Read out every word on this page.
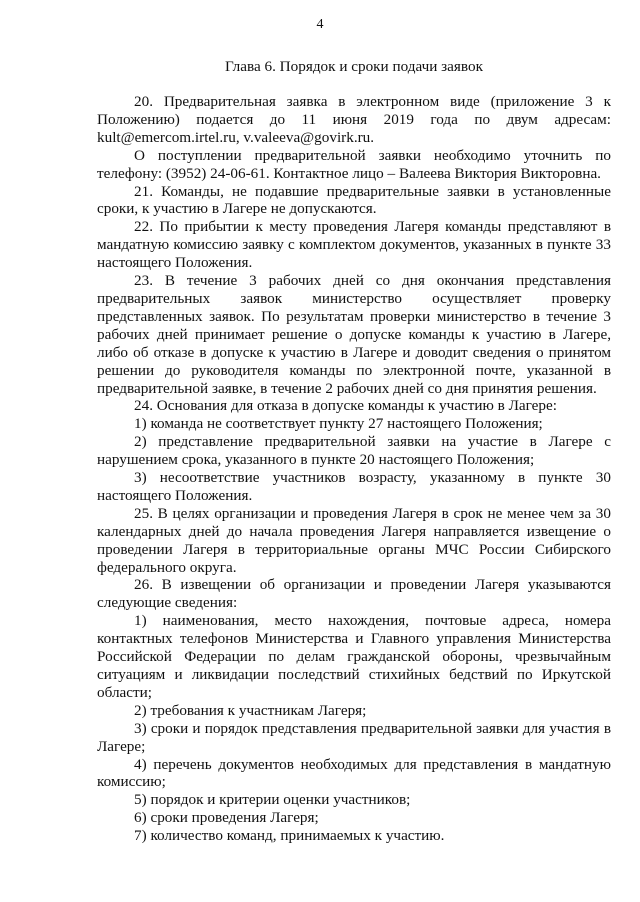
4
Глава 6. Порядок и сроки подачи заявок

20. Предварительная заявка в электронном виде (приложение 3 к Положению) подается до 11 июня 2019 года по двум адресам: kult@emercom.irtel.ru, v.valeeva@govirk.ru.

О поступлении предварительной заявки необходимо уточнить по телефону: (3952) 24-06-61. Контактное лицо – Валеева Виктория Викторовна.

21. Команды, не подавшие предварительные заявки в установленные сроки, к участию в Лагере не допускаются.

22. По прибытии к месту проведения Лагеря команды представляют в мандатную комиссию заявку с комплектом документов, указанных в пункте 33 настоящего Положения.

23. В течение 3 рабочих дней со дня окончания представления предварительных заявок министерство осуществляет проверку представленных заявок. По результатам проверки министерство в течение 3 рабочих дней принимает решение о допуске команды к участию в Лагере, либо об отказе в допуске к участию в Лагере и доводит сведения о принятом решении до руководителя команды по электронной почте, указанной в предварительной заявке, в течение 2 рабочих дней со дня принятия решения.

24. Основания для отказа в допуске команды к участию в Лагере:

1) команда не соответствует пункту 27 настоящего Положения;

2) представление предварительной заявки на участие в Лагере с нарушением срока, указанного в пункте 20 настоящего Положения;

3) несоответствие участников возрасту, указанному в пункте 30 настоящего Положения.

25. В целях организации и проведения Лагеря в срок не менее чем за 30 календарных дней до начала проведения Лагеря направляется извещение о проведении Лагеря в территориальные органы МЧС России Сибирского федерального округа.

26. В извещении об организации и проведении Лагеря указываются следующие сведения:

1) наименования, место нахождения, почтовые адреса, номера контактных телефонов Министерства и Главного управления Министерства Российской Федерации по делам гражданской обороны, чрезвычайным ситуациям и ликвидации последствий стихийных бедствий по Иркутской области;

2) требования к участникам Лагеря;

3) сроки и порядок представления предварительной заявки для участия в Лагере;

4) перечень документов необходимых для представления в мандатную комиссию;

5) порядок и критерии оценки участников;

6) сроки проведения Лагеря;

7) количество команд, принимаемых к участию.
